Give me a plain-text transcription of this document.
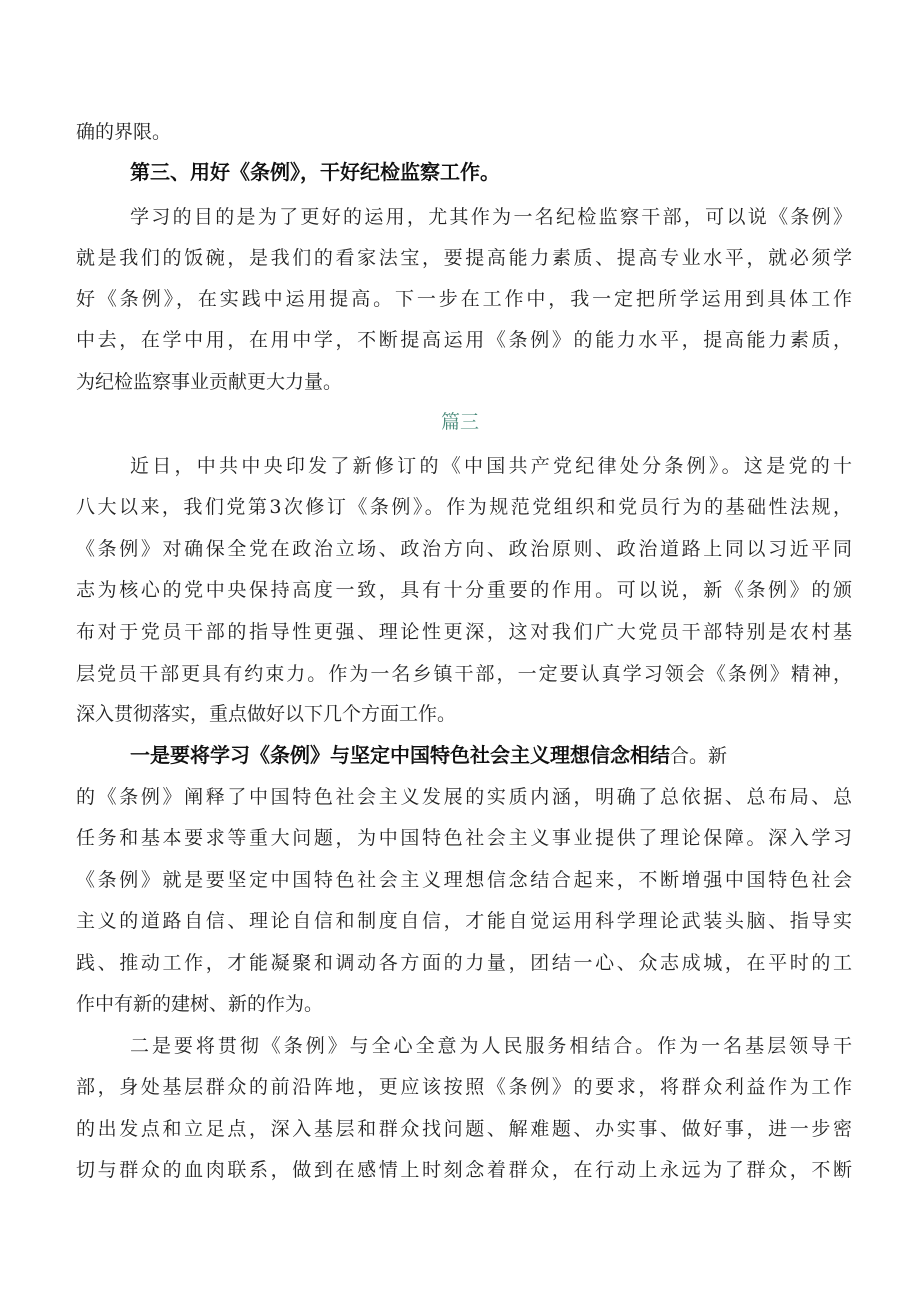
确的界限。
第三、用好《条例》，干好纪检监察工作。
学习的目的是为了更好的运用，尤其作为一名纪检监察干部，可以说《条例》
就是我们的饭碗，是我们的看家法宝，要提高能力素质、提高专业水平，就必须学
好《条例》，在实践中运用提高。下一步在工作中，我一定把所学运用到具体工作
中去，在学中用，在用中学，不断提高运用《条例》的能力水平，提高能力素质，
为纪检监察事业贡献更大力量。
篇三
近日，中共中央印发了新修订的《中国共产党纪律处分条例》。这是党的十
八大以来，我们党第3次修订《条例》。作为规范党组织和党员行为的基础性法规，
《条例》对确保全党在政治立场、政治方向、政治原则、政治道路上同以习近平同
志为核心的党中央保持高度一致，具有十分重要的作用。可以说，新《条例》的颁
布对于党员干部的指导性更强、理论性更深，这对我们广大党员干部特别是农村基
层党员干部更具有约束力。作为一名乡镇干部，一定要认真学习领会《条例》精神，
深入贯彻落实，重点做好以下几个方面工作。
一是要将学习《条例》与坚定中国特色社会主义理想信念相结合。新
的《条例》阐释了中国特色社会主义发展的实质内涵，明确了总依据、总布局、总
任务和基本要求等重大问题，为中国特色社会主义事业提供了理论保障。深入学习
《条例》就是要坚定中国特色社会主义理想信念结合起来，不断增强中国特色社会
主义的道路自信、理论自信和制度自信，才能自觉运用科学理论武装头脑、指导实
践、推动工作，才能凝聚和调动各方面的力量，团结一心、众志成城，在平时的工
作中有新的建树、新的作为。
二是要将贯彻《条例》与全心全意为人民服务相结合。作为一名基层领导干
部，身处基层群众的前沿阵地，更应该按照《条例》的要求，将群众利益作为工作
的出发点和立足点，深入基层和群众找问题、解难题、办实事、做好事，进一步密
切与群众的血肉联系，做到在感情上时刻念着群众，在行动上永远为了群众，不断
